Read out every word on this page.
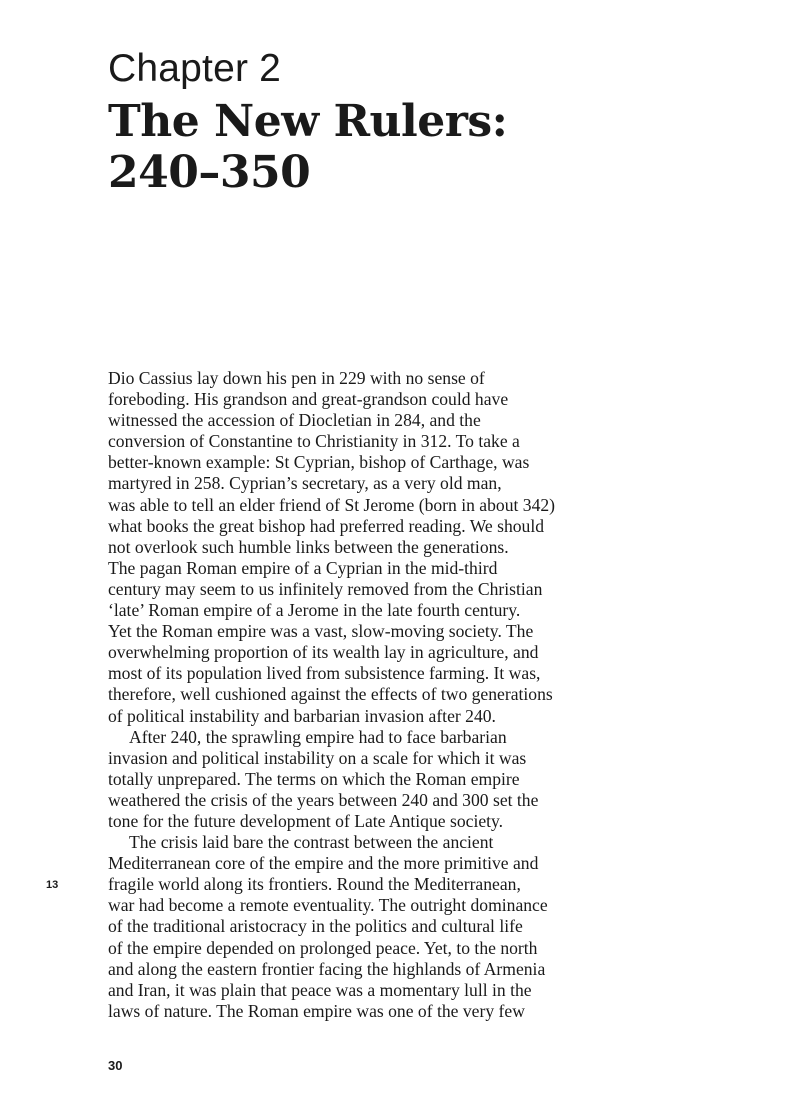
Chapter 2
The New Rulers:
240–350
Dio Cassius lay down his pen in 229 with no sense of
foreboding. His grandson and great-grandson could have
witnessed the accession of Diocletian in 284, and the
conversion of Constantine to Christianity in 312. To take a
better-known example: St Cyprian, bishop of Carthage, was
martyred in 258. Cyprian’s secretary, as a very old man,
was able to tell an elder friend of St Jerome (born in about 342)
what books the great bishop had preferred reading. We should
not overlook such humble links between the generations.
The pagan Roman empire of a Cyprian in the mid-third
century may seem to us infinitely removed from the Christian
‘late’ Roman empire of a Jerome in the late fourth century.
Yet the Roman empire was a vast, slow-moving society. The
overwhelming proportion of its wealth lay in agriculture, and
most of its population lived from subsistence farming. It was,
therefore, well cushioned against the effects of two generations
of political instability and barbarian invasion after 240.
After 240, the sprawling empire had to face barbarian
invasion and political instability on a scale for which it was
totally unprepared. The terms on which the Roman empire
weathered the crisis of the years between 240 and 300 set the
tone for the future development of Late Antique society.
The crisis laid bare the contrast between the ancient
Mediterranean core of the empire and the more primitive and
fragile world along its frontiers. Round the Mediterranean,
war had become a remote eventuality. The outright dominance
of the traditional aristocracy in the politics and cultural life
of the empire depended on prolonged peace. Yet, to the north
and along the eastern frontier facing the highlands of Armenia
and Iran, it was plain that peace was a momentary lull in the
laws of nature. The Roman empire was one of the very few
13
30
